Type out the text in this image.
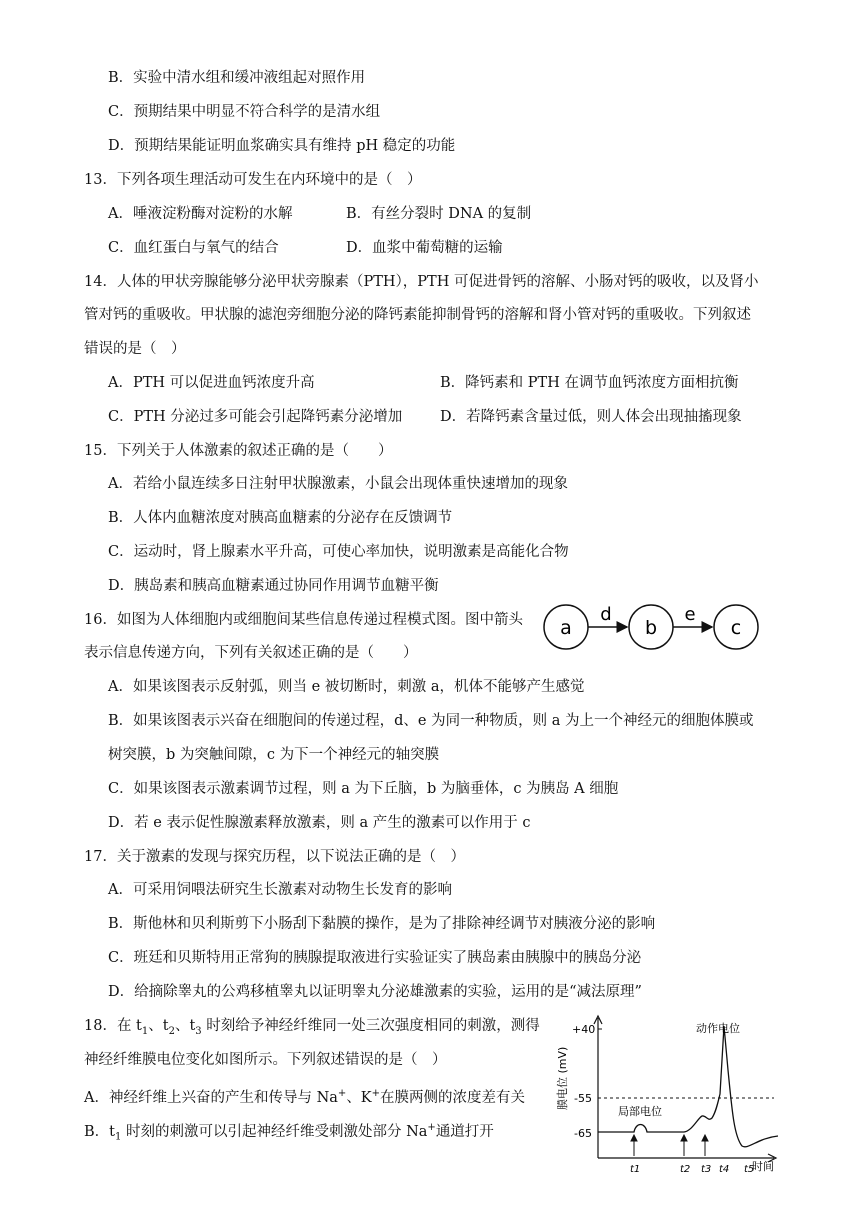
B．实验中清水组和缓冲液组起对照作用
C．预期结果中明显不符合科学的是清水组
D．预期结果能证明血浆确实具有维持 pH 稳定的功能
13．下列各项生理活动可发生在内环境中的是（　）
A．唾液淀粉酶对淀粉的水解	B．有丝分裂时 DNA 的复制
C．血红蛋白与氧气的结合	D．血浆中葡萄糖的运输
14．人体的甲状旁腺能够分泌甲状旁腺素（PTH），PTH 可促进骨钙的溶解、小肠对钙的吸收，以及肾小
管对钙的重吸收。甲状腺的滤泡旁细胞分泌的降钙素能抑制骨钙的溶解和肾小管对钙的重吸收。下列叙述
错误的是（　）
A．PTH 可以促进血钙浓度升高	B．降钙素和 PTH 在调节血钙浓度方面相抗衡
C．PTH 分泌过多可能会引起降钙素分泌增加	D．若降钙素含量过低，则人体会出现抽搐现象
15．下列关于人体激素的叙述正确的是（　　）
A．若给小鼠连续多日注射甲状腺激素，小鼠会出现体重快速增加的现象
B．人体内血糖浓度对胰高血糖素的分泌存在反馈调节
C．运动时，肾上腺素水平升高，可使心率加快，说明激素是高能化合物
D．胰岛素和胰高血糖素通过协同作用调节血糖平衡
16．如图为人体细胞内或细胞间某些信息传递过程模式图。图中箭头
表示信息传递方向，下列有关叙述正确的是（　　）
a	b	c
d	e
A．如果该图表示反射弧，则当 e 被切断时，刺激 a，机体不能够产生感觉
B．如果该图表示兴奋在细胞间的传递过程，d、e 为同一种物质，则 a 为上一个神经元的细胞体膜或
树突膜，b 为突触间隙，c 为下一个神经元的轴突膜
C．如果该图表示激素调节过程，则 a 为下丘脑，b 为脑垂体，c 为胰岛 A 细胞
D．若 e 表示促性腺激素释放激素，则 a 产生的激素可以作用于 c
17．关于激素的发现与探究历程，以下说法正确的是（　）
A．可采用饲喂法研究生长激素对动物生长发育的影响
B．斯他林和贝利斯剪下小肠刮下黏膜的操作，是为了排除神经调节对胰液分泌的影响
C．班廷和贝斯特用正常狗的胰腺提取液进行实验证实了胰岛素由胰腺中的胰岛分泌
D．给摘除睾丸的公鸡移植睾丸以证明睾丸分泌雄激素的实验，运用的是“减法原理”
18．在 $t_1$、$t_2$、$t_3$ 时刻给予神经纤维同一处三次强度相同的刺激，测得
神经纤维膜电位变化如图所示。下列叙述错误的是（　）
A．神经纤维上兴奋的产生和传导与 Na+、K+在膜两侧的浓度差有关
B．$t_1$ 时刻的刺激可以引起神经纤维受刺激处部分 Na+通道打开
膜电位 (mV)
时间
+40
-55
-65
动作电位
局部电位
t1	t2 t3 t4 t5
